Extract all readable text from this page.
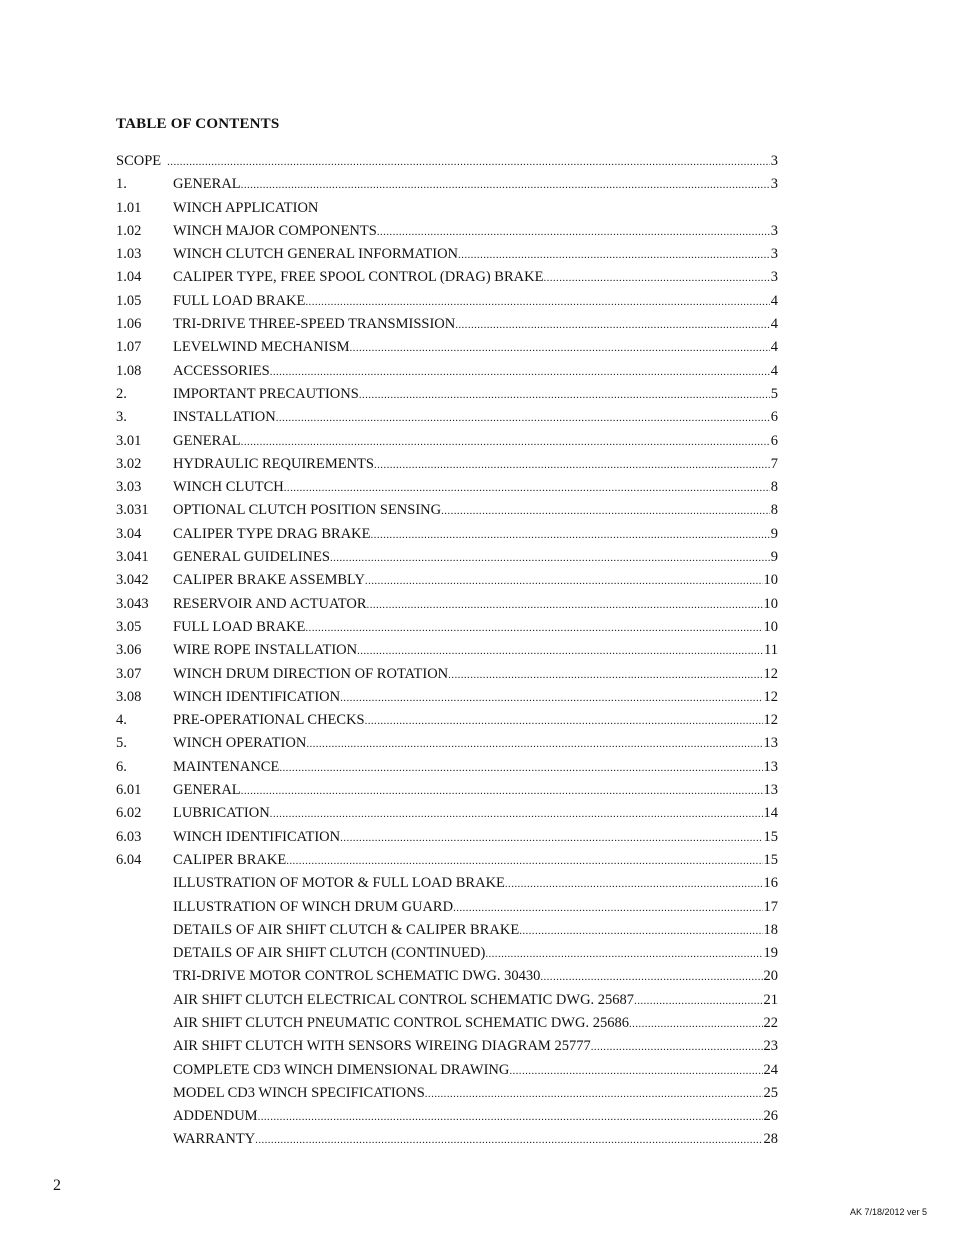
TABLE OF CONTENTS
SCOPE .....	3
1.	GENERAL .....	3
1.01	WINCH APPLICATION
1.02	WINCH MAJOR COMPONENTS .....	3
1.03	WINCH CLUTCH GENERAL INFORMATION .....	3
1.04	CALIPER TYPE, FREE SPOOL CONTROL (DRAG) BRAKE .....	3
1.05	FULL LOAD BRAKE .....	4
1.06	TRI-DRIVE THREE-SPEED TRANSMISSION .....	4
1.07	LEVELWIND MECHANISM .....	4
1.08	ACCESSORIES .....	4
2.	IMPORTANT PRECAUTIONS .....	5
3.	INSTALLATION .....	6
3.01	GENERAL .....	6
3.02	HYDRAULIC REQUIREMENTS .....	7
3.03	WINCH CLUTCH .....	8
3.031	OPTIONAL CLUTCH POSITION SENSING .....	8
3.04	CALIPER TYPE DRAG BRAKE .....	9
3.041	GENERAL GUIDELINES .....	9
3.042	CALIPER BRAKE ASSEMBLY .....	10
3.043	RESERVOIR AND ACTUATOR .....	10
3.05	FULL LOAD BRAKE .....	10
3.06	WIRE ROPE INSTALLATION .....	11
3.07	WINCH DRUM DIRECTION OF ROTATION .....	12
3.08	WINCH IDENTIFICATION .....	12
4.	PRE-OPERATIONAL CHECKS .....	12
5.	WINCH OPERATION .....	13
6.	MAINTENANCE .....	13
6.01	GENERAL .....	13
6.02	LUBRICATION .....	14
6.03	WINCH IDENTIFICATION .....	15
6.04	CALIPER BRAKE .....	15
ILLUSTRATION OF MOTOR & FULL LOAD BRAKE .....	16
ILLUSTRATION OF WINCH DRUM GUARD .....	17
DETAILS OF AIR SHIFT CLUTCH & CALIPER BRAKE .....	18
DETAILS OF AIR SHIFT CLUTCH (CONTINUED) .....	19
TRI-DRIVE MOTOR CONTROL SCHEMATIC DWG. 30430 .....	20
AIR SHIFT CLUTCH ELECTRICAL CONTROL SCHEMATIC DWG. 25687 .....	21
AIR SHIFT CLUTCH PNEUMATIC CONTROL SCHEMATIC DWG. 25686 .....	22
AIR SHIFT CLUTCH WITH SENSORS WIREING DIAGRAM 25777 .....	23
COMPLETE CD3 WINCH DIMENSIONAL DRAWING .....	24
MODEL CD3 WINCH SPECIFICATIONS .....	25
ADDENDUM .....	26
WARRANTY .....	28
2
AK 7/18/2012 ver 5
